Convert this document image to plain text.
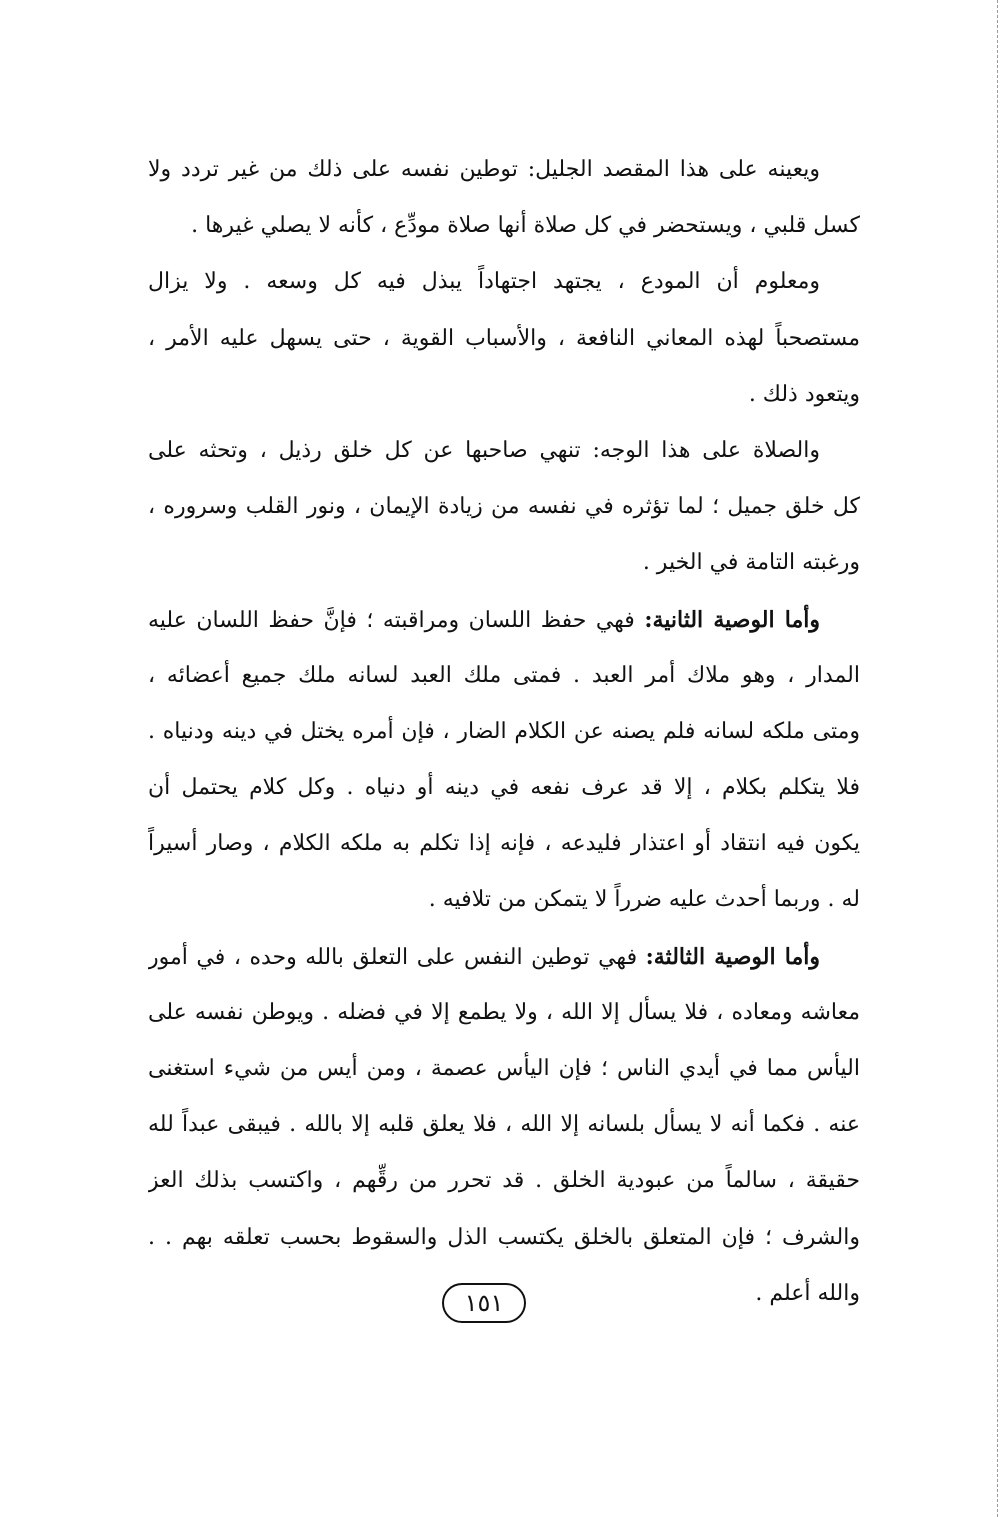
ويعينه على هذا المقصد الجليل: توطين نفسه على ذلك من غير تردد ولا
كسل قلبي ، ويستحضر في كل صلاة أنها صلاة مودِّع ، كأنه لا يصلي غيرها .
ومعلوم أن المودع ، يجتهد اجتهاداً يبذل فيه كل وسعه . ولا يزال
مستصحباً لهذه المعاني النافعة ، والأسباب القوية ، حتى يسهل عليه الأمر ،
ويتعود ذلك .
والصلاة على هذا الوجه: تنهي صاحبها عن كل خلق رذيل ، وتحثه على
كل خلق جميل ؛ لما تؤثره في نفسه من زيادة الإيمان ، ونور القلب وسروره ،
ورغبته التامة في الخير .
وأما الوصية الثانية: فهي حفظ اللسان ومراقبته ؛ فإنَّ حفظ اللسان عليه
المدار ، وهو ملاك أمر العبد . فمتى ملك العبد لسانه ملك جميع أعضائه ،
ومتى ملكه لسانه فلم يصنه عن الكلام الضار ، فإن أمره يختل في دينه ودنياه .
فلا يتكلم بكلام ، إلا قد عرف نفعه في دينه أو دنياه . وكل كلام يحتمل أن
يكون فيه انتقاد أو اعتذار فليدعه ، فإنه إذا تكلم به ملكه الكلام ، وصار أسيراً
له . وربما أحدث عليه ضرراً لا يتمكن من تلافيه .
وأما الوصية الثالثة: فهي توطين النفس على التعلق بالله وحده ، في أمور
معاشه ومعاده ، فلا يسأل إلا الله ، ولا يطمع إلا في فضله . ويوطن نفسه على
اليأس مما في أيدي الناس ؛ فإن اليأس عصمة ، ومن أيس من شيء استغنى
عنه . فكما أنه لا يسأل بلسانه إلا الله ، فلا يعلق قلبه إلا بالله . فيبقى عبداً لله
حقيقة ، سالماً من عبودية الخلق . قد تحرر من رقِّهم ، واكتسب بذلك العز
والشرف ؛ فإن المتعلق بالخلق يكتسب الذل والسقوط بحسب تعلقه بهم . .
والله أعلم .
١٥١
